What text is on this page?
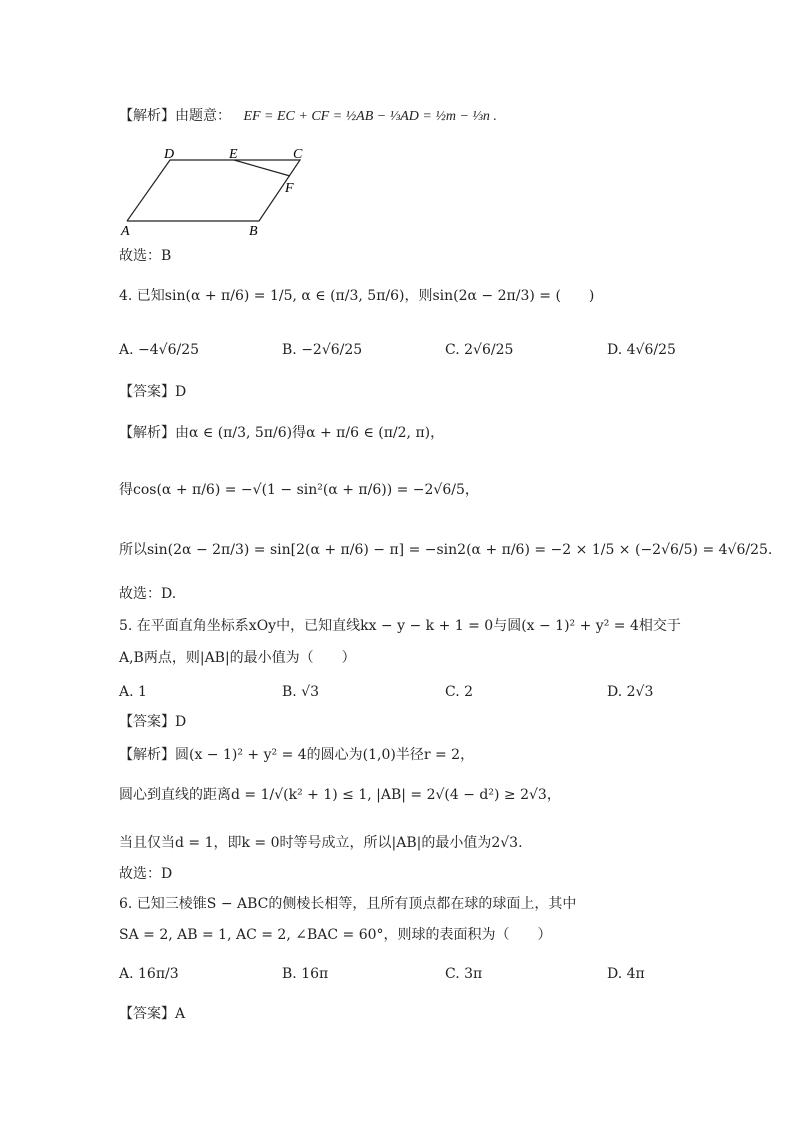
【解析】由题意： EF = EC + CF = ½AB − ⅓AD = ½m − ⅓n .
D	E	C
F
A	B
故选：B
4. 已知sin(α + π/6) = 1/5, α ∈ (π/3, 5π/6)，则sin(2α − 2π/3) = (　　)
A. −4√6/25	B. −2√6/25	C. 2√6/25	D. 4√6/25
【答案】D
【解析】由α ∈ (π/3, 5π/6)得α + π/6 ∈ (π/2, π)，
得cos(α + π/6) = −√(1 − sin²(α + π/6)) = −2√6/5，
所以sin(2α − 2π/3) = sin[2(α + π/6) − π] = −sin2(α + π/6) = −2 × 1/5 × (−2√6/5) = 4√6/25.
故选：D.
5. 在平面直角坐标系xOy中，已知直线kx − y − k + 1 = 0与圆(x − 1)² + y² = 4相交于
A,B两点，则|AB|的最小值为（　　）
A. 1	B. √3	C. 2	D. 2√3
【答案】D
【解析】圆(x − 1)² + y² = 4的圆心为(1,0)半径r = 2，
圆心到直线的距离d = 1/√(k² + 1) ≤ 1, |AB| = 2√(4 − d²) ≥ 2√3，
当且仅当d = 1，即k = 0时等号成立，所以|AB|的最小值为2√3.
故选：D
6. 已知三棱锥S − ABC的侧棱长相等，且所有顶点都在球的球面上，其中
SA = 2, AB = 1, AC = 2, ∠BAC = 60°，则球的表面积为（　　）
A. 16π/3	B. 16π	C. 3π	D. 4π
【答案】A
